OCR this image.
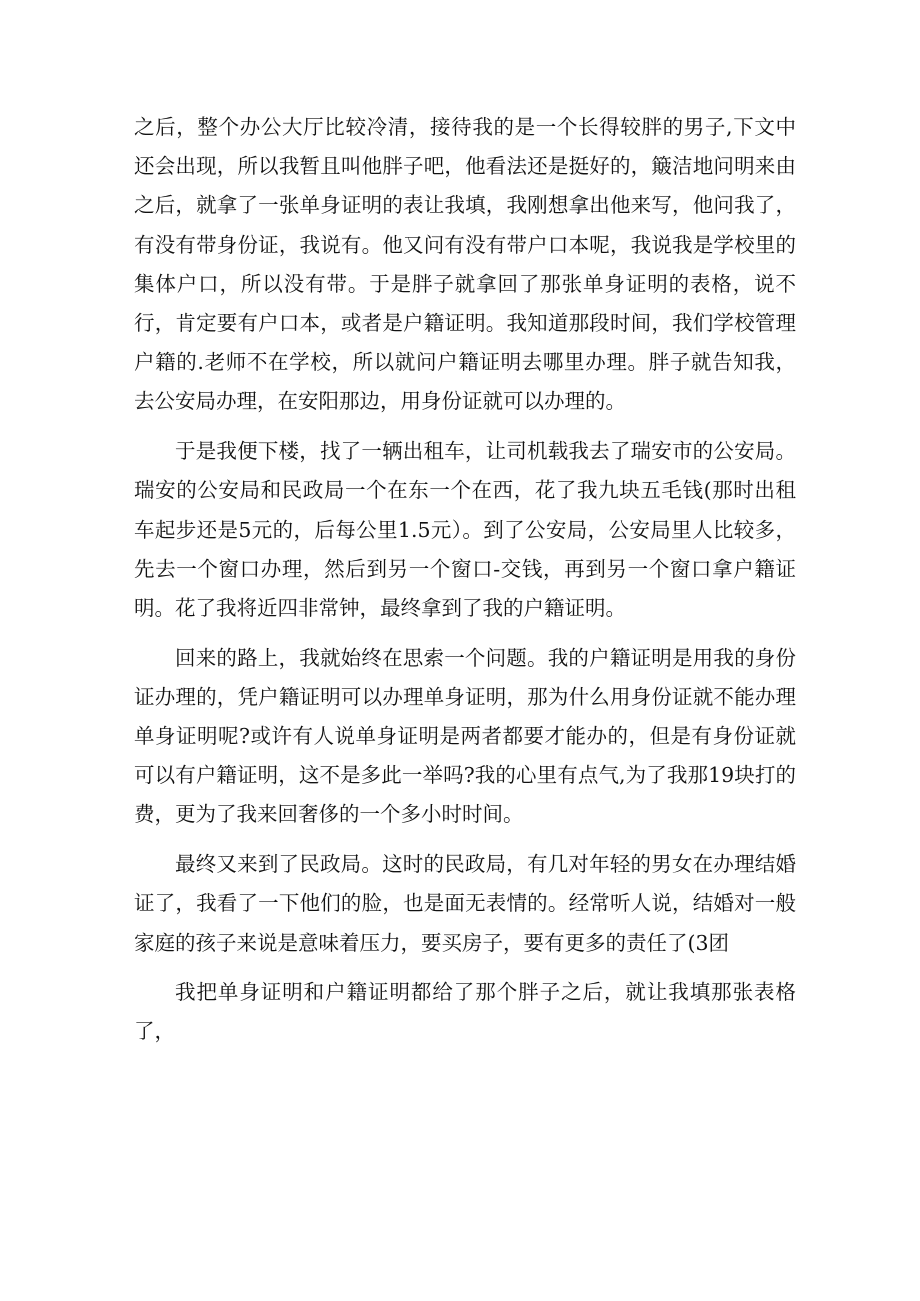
之后，整个办公大厅比较冷清，接待我的是一个长得较胖的男子,下文中还会出现，所以我暂且叫他胖子吧，他看法还是挺好的，簸洁地问明来由之后，就拿了一张单身证明的表让我填，我刚想拿出他来写，他问我了，有没有带身份证，我说有。他又问有没有带户口本呢，我说我是学校里的集体户口，所以没有带。于是胖子就拿回了那张单身证明的表格，说不行，肯定要有户口本，或者是户籍证明。我知道那段时间，我们学校管理户籍的.老师不在学校，所以就问户籍证明去哪里办理。胖子就告知我，去公安局办理，在安阳那边，用身份证就可以办理的。

于是我便下楼，找了一辆出租车，让司机载我去了瑞安市的公安局。瑞安的公安局和民政局一个在东一个在西，花了我九块五毛钱(那时出租车起步还是5元的，后每公里1.5元）。到了公安局，公安局里人比较多，先去一个窗口办理，然后到另一个窗口-交钱，再到另一个窗口拿户籍证明。花了我将近四非常钟，最终拿到了我的户籍证明。

回来的路上，我就始终在思索一个问题。我的户籍证明是用我的身份证办理的，凭户籍证明可以办理单身证明，那为什么用身份证就不能办理单身证明呢?或许有人说单身证明是两者都要才能办的，但是有身份证就可以有户籍证明，这不是多此一举吗?我的心里有点气,为了我那19块打的费，更为了我来回奢侈的一个多小时时间。

最终又来到了民政局。这时的民政局，有几对年轻的男女在办理结婚证了，我看了一下他们的脸，也是面无表情的。经常听人说，结婚对一般家庭的孩子来说是意味着压力，要买房子，要有更多的责任了(3团

我把单身证明和户籍证明都给了那个胖子之后，就让我填那张表格了，
